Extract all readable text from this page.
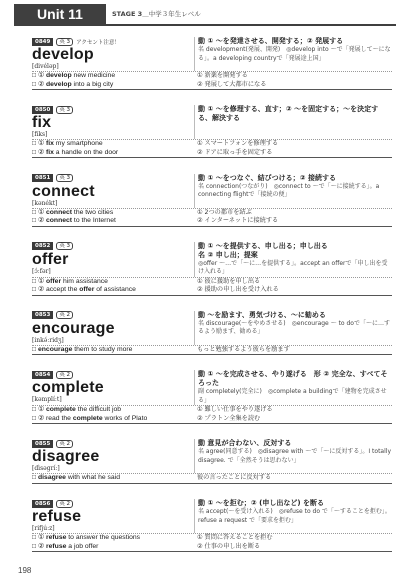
Unit 11	STAGE 3＿中学３年生レベル
0849	英 3	アクセント注意！
develop
[divéləp]
動 ① ～を発達させる、開発する；② 発展する
名 development(発展、開発)　◎develop into ～で「発展して～になる」。a developing countryで「発展途上国」
□ ① develop new medicine	① 新薬を開発する
□ ② develop into a big city	② 発展して大都市になる
0850	英 3
fix
[fiks]
動 ① ～を修理する、直す；② ～を固定する；～を決定する、解決する
□ ① fix my smartphone	① スマートフォンを修理する
□ ② fix a handle on the door	② ドアに取っ手を固定する
0851	英 3
connect
[kənékt]
動 ① ～をつなぐ、結びつける；② 接続する
名 connection(つながり)　◎connect to ～で「～に接続する」。a connecting flightで「接続の便」
□ ① connect the two cities	① 2つの都市を結ぶ
□ ② connect to the Internet	② インターネットに接続する
0852	英 3
offer
[ɔ́ːfər]
動 ① ～を提供する、申し出る；申し出る
名 ② 申し出；提案
◎offer ～…で「～に…を提供する」。accept an offerで「申し出を受け入れる」
□ ① offer him assistance	① 彼に援助を申し出る
□ ② accept the offer of assistance	② 援助の申し出を受け入れる
0853	英 2
encourage
[inkə́ːridʒ]
動 ～を励ます、勇気づける、～に勧める
名 discourage(～をやめさせる)　◎encourage ～ to doで「～に…するよう励ます、勧める」
□ encourage them to study more	もっと勉強するよう彼らを励ます
0854	英 2
complete
[kəmplíːt]
動 ① ～を完成させる、やり遂げる　形 ② 完全な、すべてそろった
副 completely(完全に)　◎complete a buildingで「建物を完成させる」
□ ① complete the difficult job	① 難しい仕事をやり遂げる
□ ② read the complete works of Plato	② プラトン全集を読む
0855	英 2
disagree
[dìsəgríː]
動 意見が合わない、反対する
名 agree(同意する)　◎disagree with ～で「～に反対する」。I totally disagree. で「全然そうは思わない」
□ disagree with what he said	彼の言ったことに反対する
0856	英 2
refuse
[rifjúːz]
動 ① ～を拒む；② (申し出など) を断る
名 accept(～を受け入れる)　◎refuse to do で「～することを拒む」。refuse a request で「要求を拒む」
□ ① refuse to answer the questions	① 質問に答えることを拒む
□ ② refuse a job offer	② 仕事の申し出を断る
198
